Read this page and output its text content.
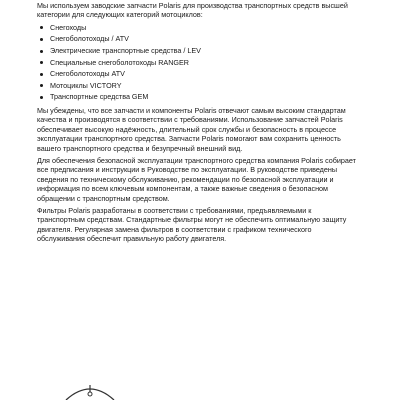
Мы используем заводские запчасти Polaris для производства транспортных средств высшей категории для следующих категорий мотоциклов:

Снегоходы
Снегоболотоходы / ATV
Электрические транспортные средства / LEV
Специальные снегоболотоходы RANGER
Снегоболотоходы ATV
Мотоциклы VICTORY
Транспортные средства GEM

Мы убеждены, что все запчасти и компоненты Polaris отвечают самым высоким стандартам качества и производятся в соответствии с требованиями. Использование запчастей Polaris обеспечивает высокую надёжность, длительный срок службы и безопасность в процессе эксплуатации транспортного средства. Запчасти Polaris помогают вам сохранить ценность вашего транспортного средства и безупречный внешний вид.

Для обеспечения безопасной эксплуатации транспортного средства компания Polaris собирает все предписания и инструкции в Руководстве по эксплуатации. В руководстве приведены сведения по техническому обслуживанию, рекомендации по безопасной эксплуатации и информация по всем ключевым компонентам, а также важные сведения о безопасном обращении с транспортным средством.

Фильтры Polaris разработаны в соответствии с требованиями, предъявляемыми к транспортным средствам. Стандартные фильтры могут не обеспечить оптимальную защиту двигателя. Регулярная замена фильтров в соответствии с графиком технического обслуживания обеспечит правильную работу двигателя.
